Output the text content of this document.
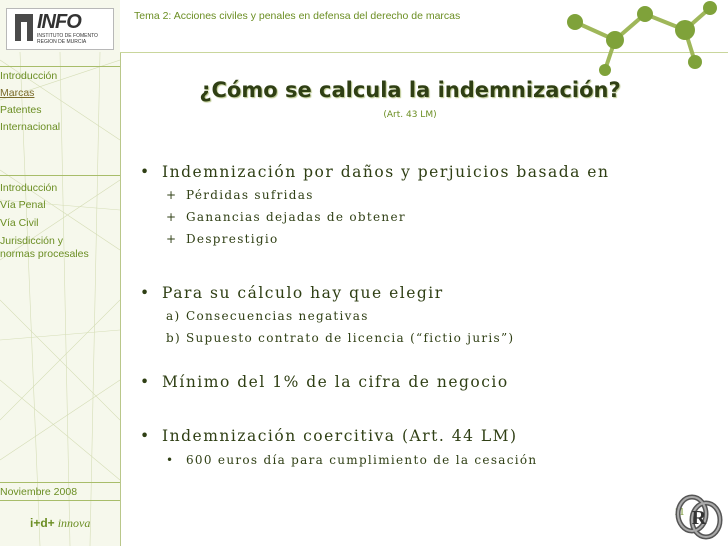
INFO
INSTITUTO DE FOMENTO REGION DE MURCIA
Introducción
Marcas
Patentes
Internacional
Introducción
Vía Penal
Vía Civil
Jurisdicción y
normas procesales
Noviembre 2008
i+d+ innova
Tema 2: Acciones civiles y penales en defensa del derecho de marcas
¿Cómo se calcula la indemnización?
(Art. 43 LM)
• Indemnización por daños y perjuicios basada en
+ Pérdidas sufridas
+ Ganancias dejadas de obtener
+ Desprestigio
• Para su cálculo hay que elegir
a) Consecuencias negativas
b) Supuesto contrato de licencia (“fictio juris”)
• Mínimo del 1% de la cifra de negocio
• Indemnización coercitiva (Art. 44 LM)
• 600 euros día para cumplimiento de la cesación
11 R
